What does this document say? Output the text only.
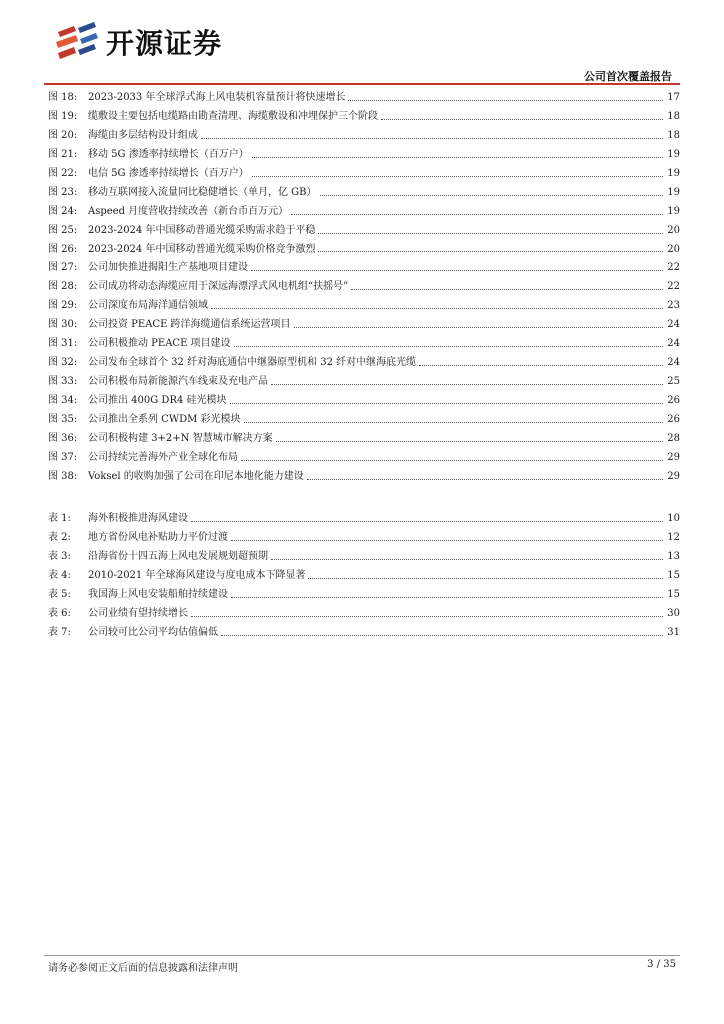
开源证券
公司首次覆盖报告
图 18:	2023-2033 年全球浮式海上风电装机容量预计将快速增长	17
图 19:	缆敷设主要包括电缆路由勘查清理、海缆敷设和冲埋保护三个阶段	18
图 20:	海缆由多层结构设计组成	18
图 21:	移动 5G 渗透率持续增长（百万户）	19
图 22:	电信 5G 渗透率持续增长（百万户）	19
图 23:	移动互联网接入流量同比稳健增长（单月，亿 GB）	19
图 24:	Aspeed 月度营收持续改善（新台币百万元）	19
图 25:	2023-2024 年中国移动普通光缆采购需求趋于平稳	20
图 26:	2023-2024 年中国移动普通光缆采购价格竞争激烈	20
图 27:	公司加快推进揭阳生产基地项目建设	22
图 28:	公司成功将动态海缆应用于深远海漂浮式风电机组“扶摇号”	22
图 29:	公司深度布局海洋通信领域	23
图 30:	公司投资 PEACE 跨洋海缆通信系统运营项目	24
图 31:	公司积极推动 PEACE 项目建设	24
图 32:	公司发布全球首个 32 纤对海底通信中继器原型机和 32 纤对中继海底光缆	24
图 33:	公司积极布局新能源汽车线束及充电产品	25
图 34:	公司推出 400G DR4 硅光模块	26
图 35:	公司推出全系列 CWDM 彩光模块	26
图 36:	公司积极构建 3+2+N 智慧城市解决方案	28
图 37:	公司持续完善海外产业全球化布局	29
图 38:	Voksel 的收购加强了公司在印尼本地化能力建设	29
表 1:	海外积极推进海风建设	10
表 2:	地方省份风电补贴助力平价过渡	12
表 3:	沿海省份十四五海上风电发展规划超预期	13
表 4:	2010-2021 年全球海风建设与度电成本下降显著	15
表 5:	我国海上风电安装船舶持续建设	15
表 6:	公司业绩有望持续增长	30
表 7:	公司较可比公司平均估值偏低	31
请务必参阅正文后面的信息披露和法律声明	3 / 35
